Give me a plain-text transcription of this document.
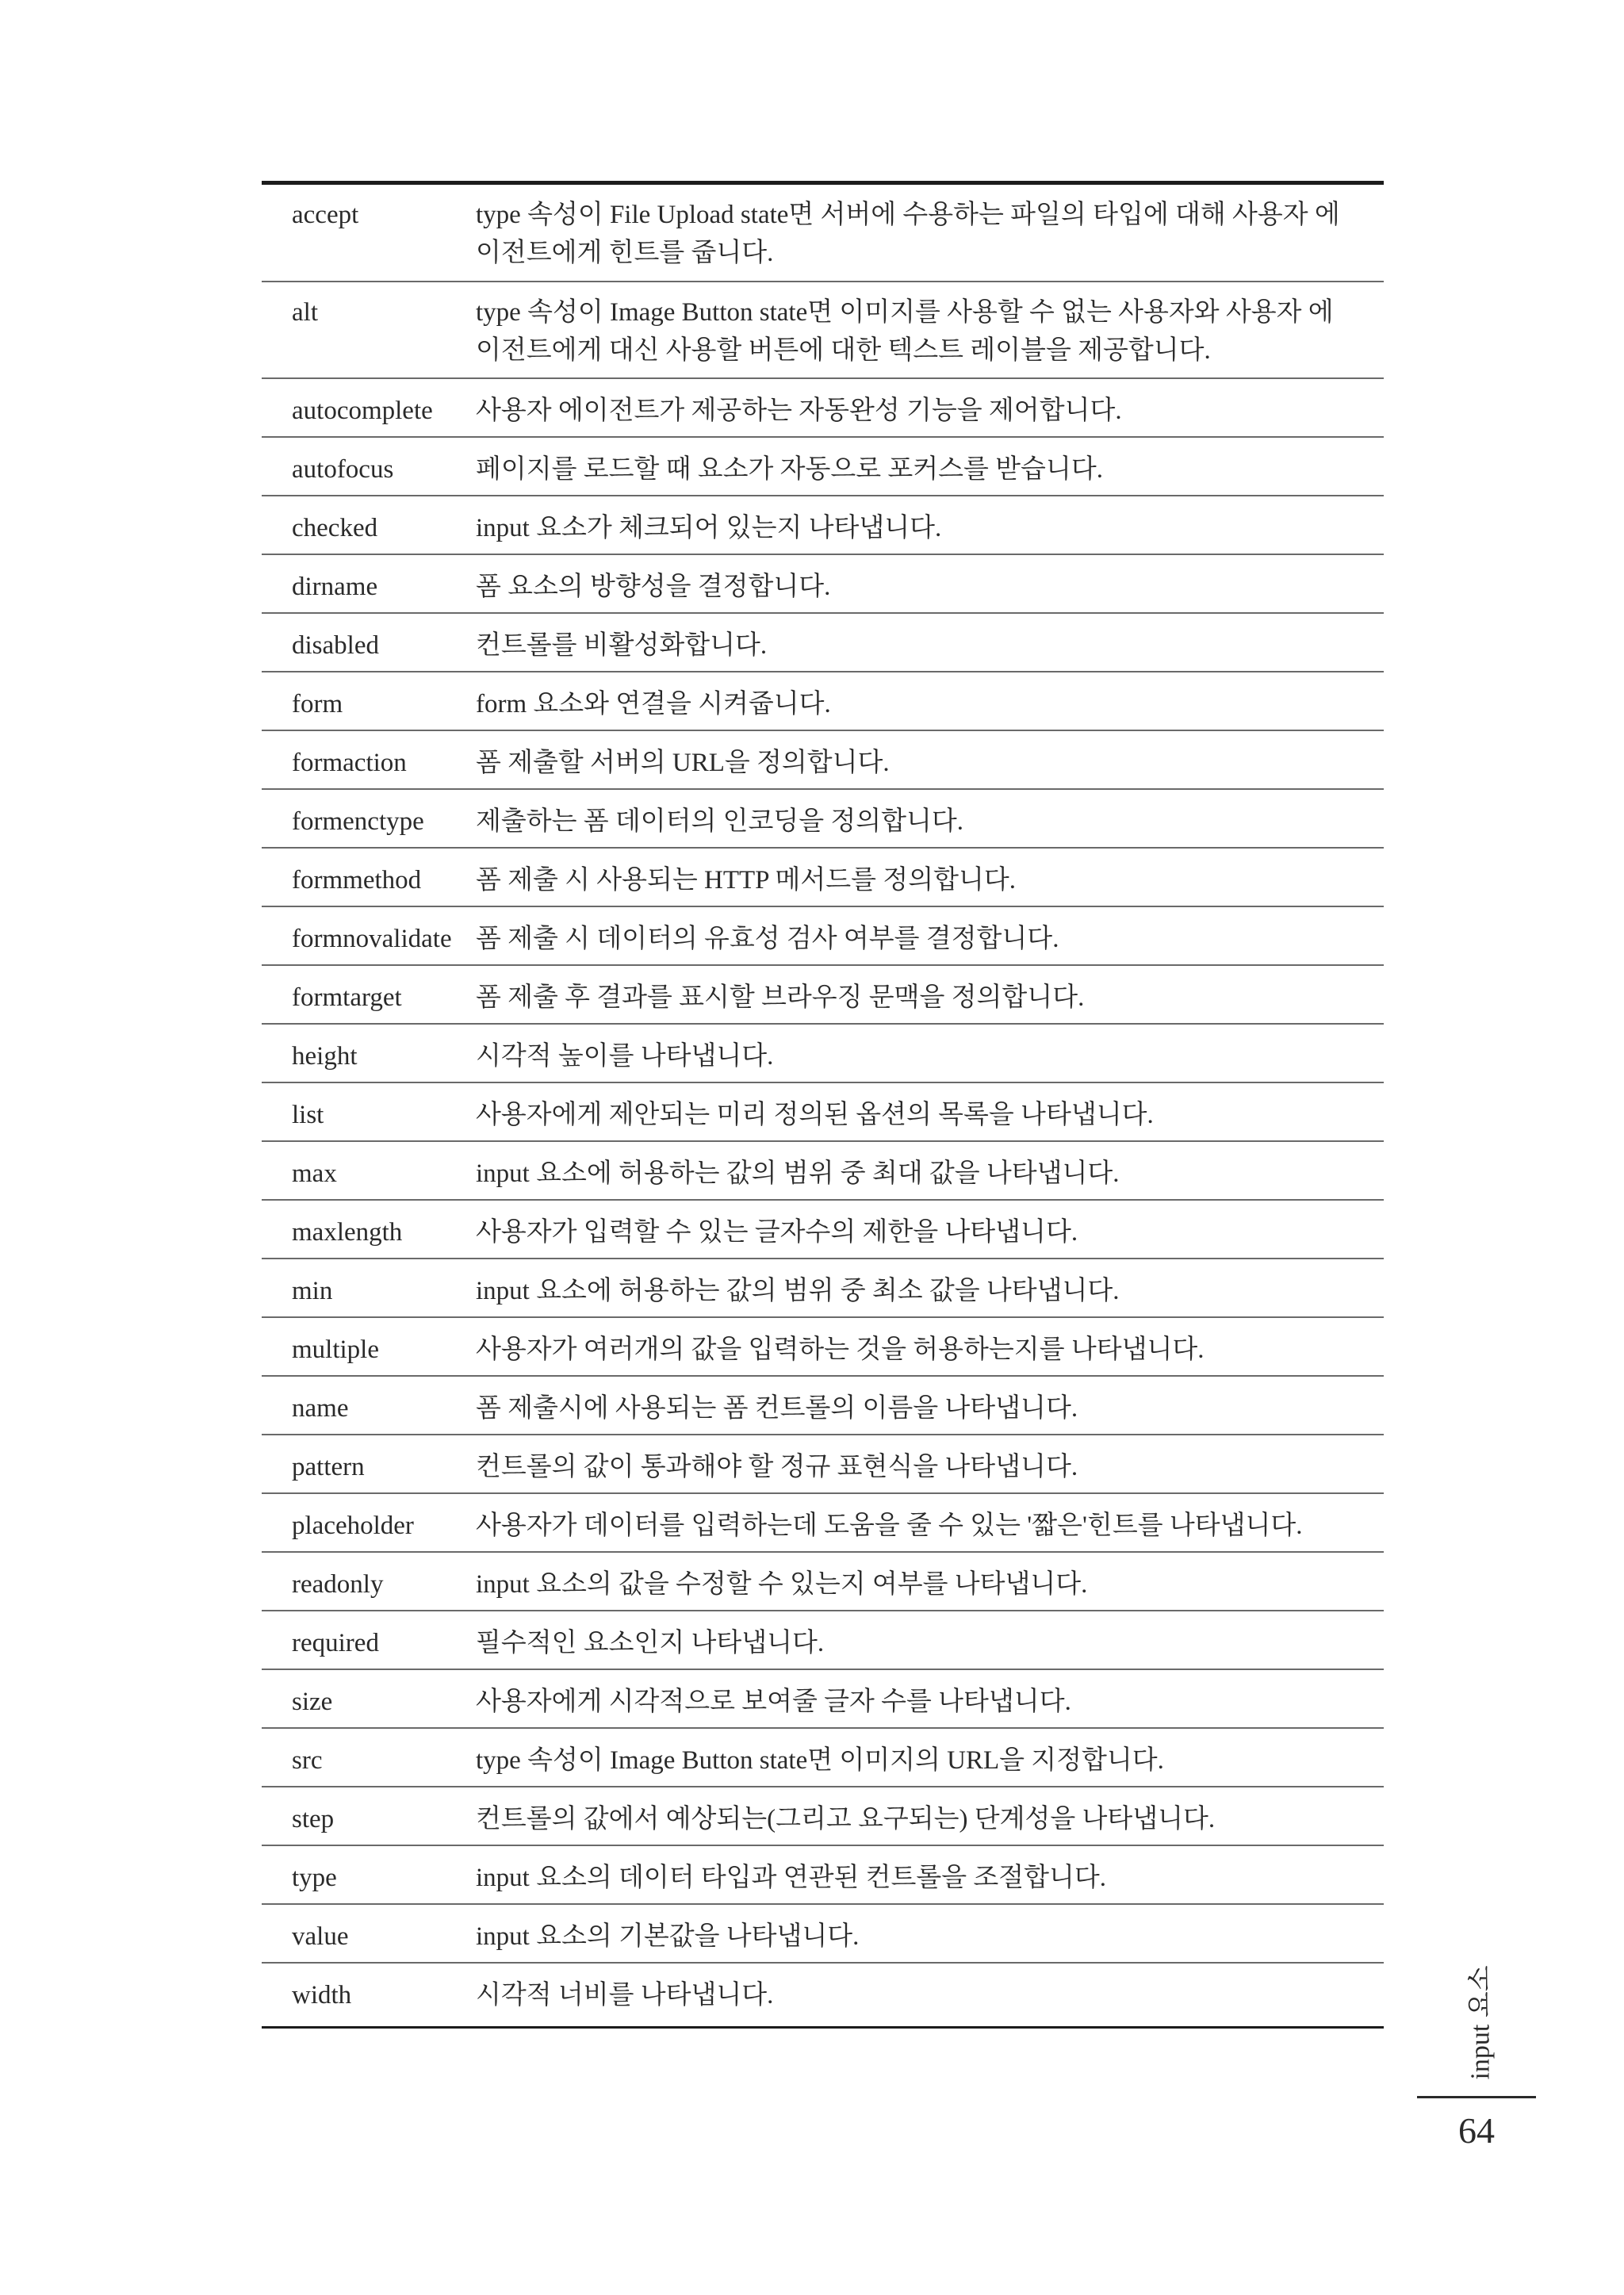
accept	type 속성이 File Upload state면 서버에 수용하는 파일의 타입에 대해 사용자 에이전트에게 힌트를 줍니다.
alt	type 속성이 Image Button state면 이미지를 사용할 수 없는 사용자와 사용자 에이전트에게 대신 사용할 버튼에 대한 텍스트 레이블을 제공합니다.
autocomplete	사용자 에이전트가 제공하는 자동완성 기능을 제어합니다.
autofocus	페이지를 로드할 때 요소가 자동으로 포커스를 받습니다.
checked	input 요소가 체크되어 있는지 나타냅니다.
dirname	폼 요소의 방향성을 결정합니다.
disabled	컨트롤를 비활성화합니다.
form	form 요소와 연결을 시켜줍니다.
formaction	폼 제출할 서버의 URL을 정의합니다.
formenctype	제출하는 폼 데이터의 인코딩을 정의합니다.
formmethod	폼 제출 시 사용되는 HTTP 메서드를 정의합니다.
formnovalidate	폼 제출 시 데이터의 유효성 검사 여부를 결정합니다.
formtarget	폼 제출 후 결과를 표시할 브라우징 문맥을 정의합니다.
height	시각적 높이를 나타냅니다.
list	사용자에게 제안되는 미리 정의된 옵션의 목록을 나타냅니다.
max	input 요소에 허용하는 값의 범위 중 최대 값을 나타냅니다.
maxlength	사용자가 입력할 수 있는 글자수의 제한을 나타냅니다.
min	input 요소에 허용하는 값의 범위 중 최소 값을 나타냅니다.
multiple	사용자가 여러개의 값을 입력하는 것을 허용하는지를 나타냅니다.
name	폼 제출시에 사용되는 폼 컨트롤의 이름을 나타냅니다.
pattern	컨트롤의 값이 통과해야 할 정규 표현식을 나타냅니다.
placeholder	사용자가 데이터를 입력하는데 도움을 줄 수 있는 '짧은'힌트를 나타냅니다.
readonly	input 요소의 값을 수정할 수 있는지 여부를 나타냅니다.
required	필수적인 요소인지 나타냅니다.
size	사용자에게 시각적으로 보여줄 글자 수를 나타냅니다.
src	type 속성이 Image Button state면 이미지의 URL을 지정합니다.
step	컨트롤의 값에서 예상되는(그리고 요구되는) 단계성을 나타냅니다.
type	input 요소의 데이터 타입과 연관된 컨트롤을 조절합니다.
value	input 요소의 기본값을 나타냅니다.
width	시각적 너비를 나타냅니다.	input 요소
64
